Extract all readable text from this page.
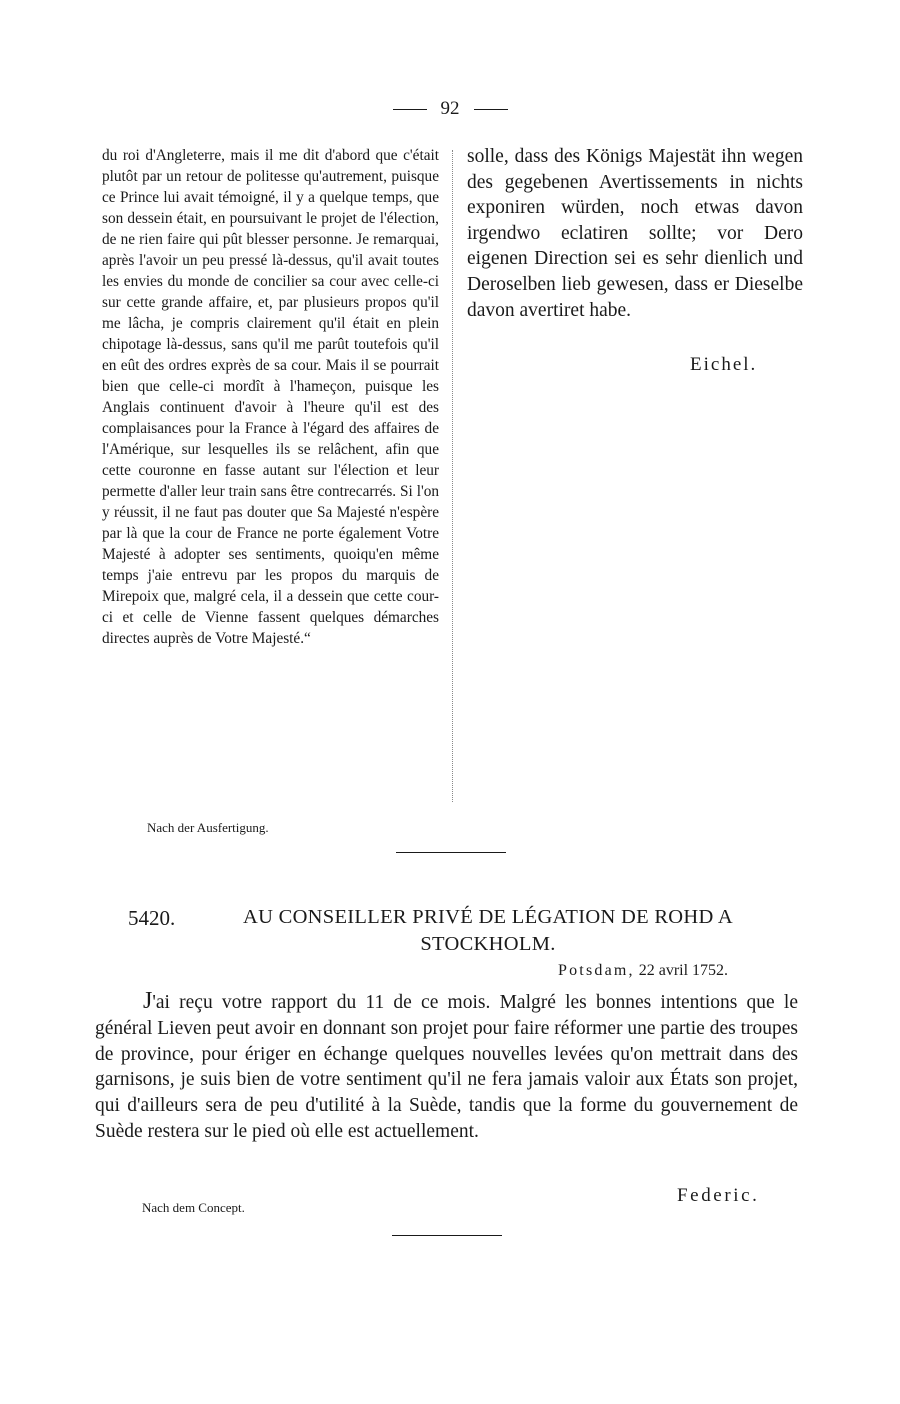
92

du roi d'Angleterre, mais il me dit d'abord que c'était plutôt par un retour de politesse qu'autrement, puisque ce Prince lui avait témoigné, il y a quelque temps, que son dessein était, en poursuivant le projet de l'élection, de ne rien faire qui pût blesser personne. Je remarquai, après l'avoir un peu pressé là-dessus, qu'il avait toutes les envies du monde de concilier sa cour avec celle-ci sur cette grande affaire, et, par plusieurs propos qu'il me lâcha, je compris clairement qu'il était en plein chipotage là-dessus, sans qu'il me parût toutefois qu'il en eût des ordres exprès de sa cour. Mais il se pourrait bien que celle-ci mordît à l'hameçon, puisque les Anglais continuent d'avoir à l'heure qu'il est des complaisances pour la France à l'égard des affaires de l'Amérique, sur lesquelles ils se relâchent, afin que cette couronne en fasse autant sur l'élection et leur permette d'aller leur train sans être contrecarrés. Si l'on y réussit, il ne faut pas douter que Sa Majesté n'espère par là que la cour de France ne porte également Votre Majesté à adopter ses sentiments, quoiqu'en même temps j'aie entrevu par les propos du marquis de Mirepoix que, malgré cela, il a dessein que cette cour-ci et celle de Vienne fassent quelques démarches directes auprès de Votre Majesté.“

solle, dass des Königs Majestät ihn wegen des gegebenen Avertissements in nichts exponiren würden, noch etwas davon irgendwo eclatiren sollte; vor Dero eigenen Direction sei es sehr dienlich und Deroselben lieb gewesen, dass er Dieselbe davon avertiret habe.

Eichel.
Nach der Ausfertigung.
5420.	AU CONSEILLER PRIVÉ DE LÉGATION DE ROHD A STOCKHOLM.
Potsdam, 22 avril 1752.

J'ai reçu votre rapport du 11 de ce mois. Malgré les bonnes intentions que le général Lieven peut avoir en donnant son projet pour faire réformer une partie des troupes de province, pour ériger en échange quelques nouvelles levées qu'on mettrait dans des garnisons, je suis bien de votre sentiment qu'il ne fera jamais valoir aux États son projet, qui d'ailleurs sera de peu d'utilité à la Suède, tandis que la forme du gouvernement de Suède restera sur le pied où elle est actuellement.

Federic.
Nach dem Concept.
